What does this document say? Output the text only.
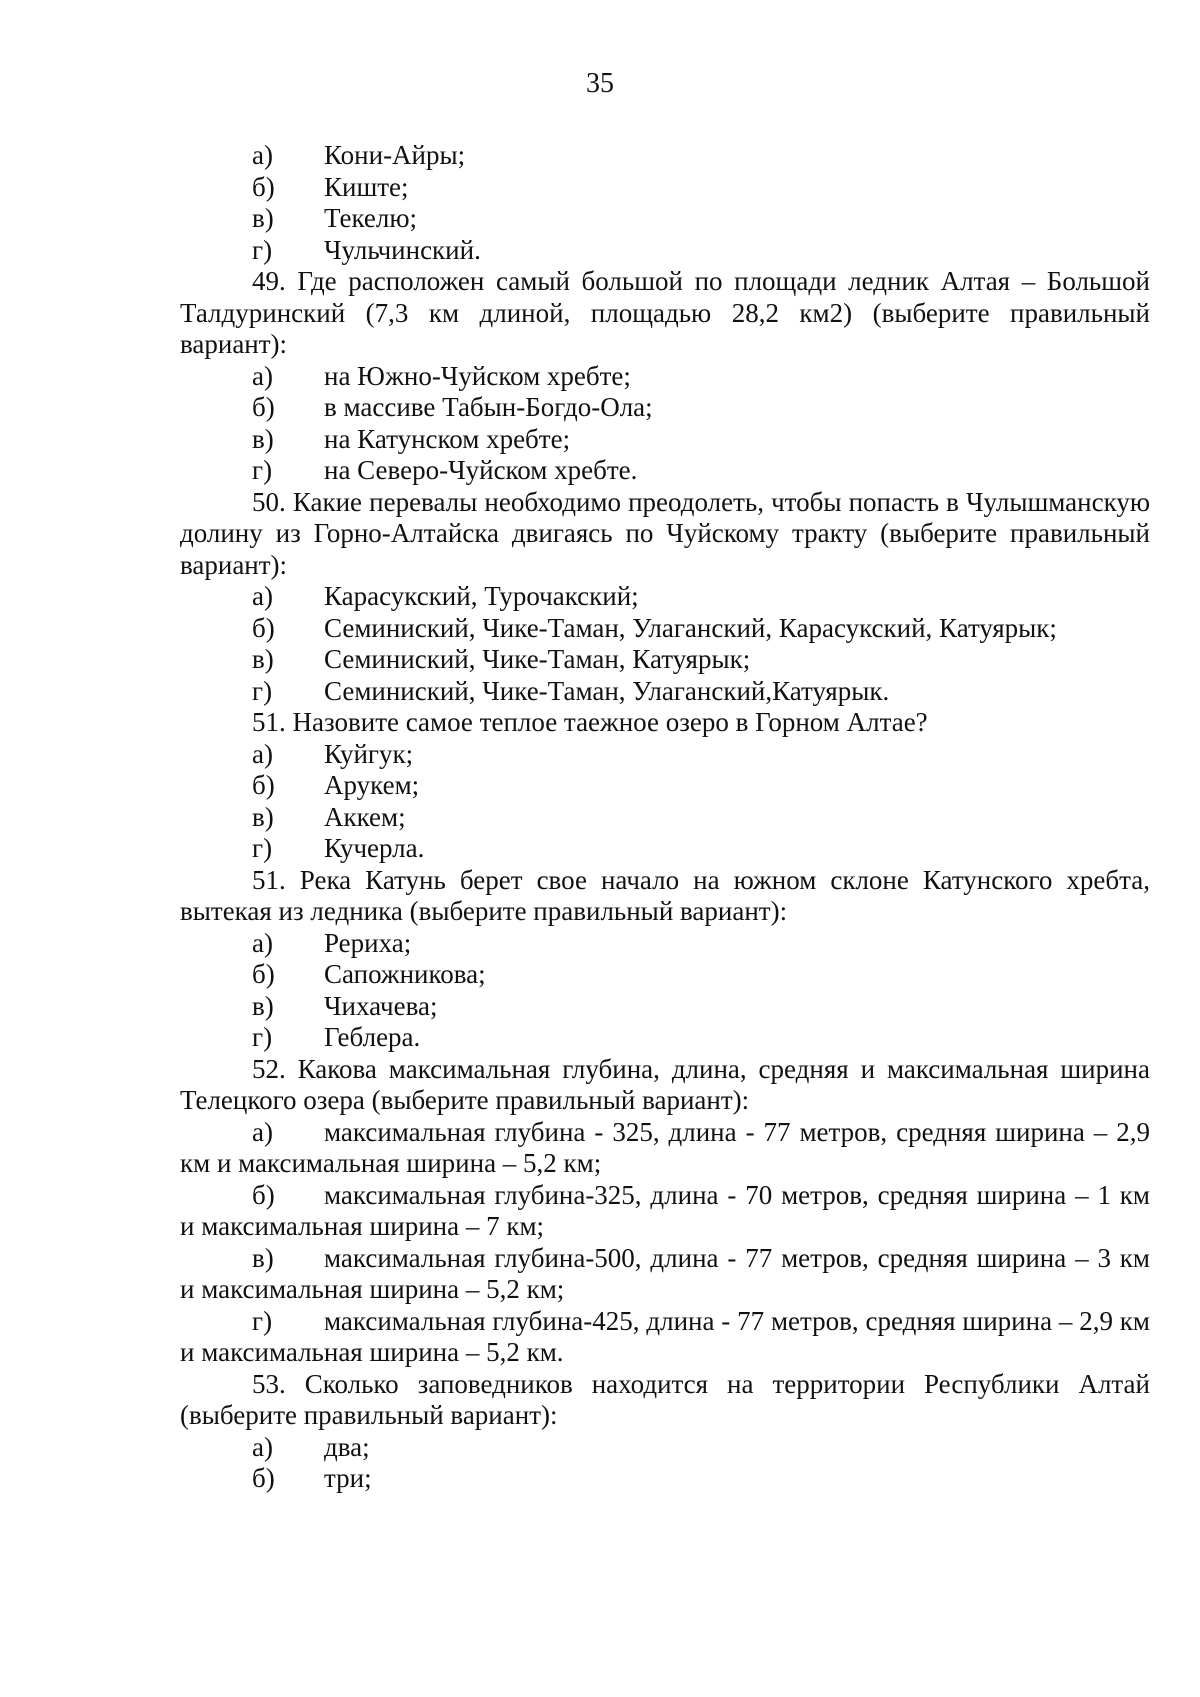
35
а)	Кони-Айры;
б)	Киште;
в)	Текелю;
г)	Чульчинский.

49. Где расположен самый большой по площади ледник Алтая – Большой Талдуринский (7,3 км длиной, площадью 28,2 км2) (выберите правильный вариант):

а)	на Южно-Чуйском хребте;
б)	в массиве Табын-Богдо-Ола;
в)	на Катунском хребте;
г)	на Северо-Чуйском хребте.

50. Какие перевалы необходимо преодолеть, чтобы попасть в Чулышманскую долину из Горно-Алтайска двигаясь по Чуйскому тракту (выберите правильный вариант):

а)	Карасукский, Турочакский;
б)	Семиниский, Чике-Таман, Улаганский, Карасукский, Катуярык;
в)	Семиниский, Чике-Таман, Катуярык;
г)	Семиниский, Чике-Таман, Улаганский,Катуярык.

51. Назовите самое теплое таежное озеро в Горном Алтае?

а)	Куйгук;
б)	Арукем;
в)	Аккем;
г)	Кучерла.

51. Река Катунь берет свое начало на южном склоне Катунского хребта, вытекая из ледника (выберите правильный вариант):

а)	Рериха;
б)	Сапожникова;
в)	Чихачева;
г)	Геблера.

52. Какова максимальная глубина, длина, средняя и максимальная ширина Телецкого озера (выберите правильный вариант):

а) максимальная глубина - 325, длина - 77 метров, средняя ширина – 2,9 км и максимальная ширина – 5,2 км;

б) максимальная глубина-325, длина - 70 метров, средняя ширина – 1 км и максимальная ширина – 7 км;

в) максимальная глубина-500, длина - 77 метров, средняя ширина – 3 км и максимальная ширина – 5,2 км;

г) максимальная глубина-425, длина - 77 метров, средняя ширина – 2,9 км и максимальная ширина – 5,2 км.

53. Сколько заповедников находится на территории Республики Алтай (выберите правильный вариант):

а)	два;
б)	три;
